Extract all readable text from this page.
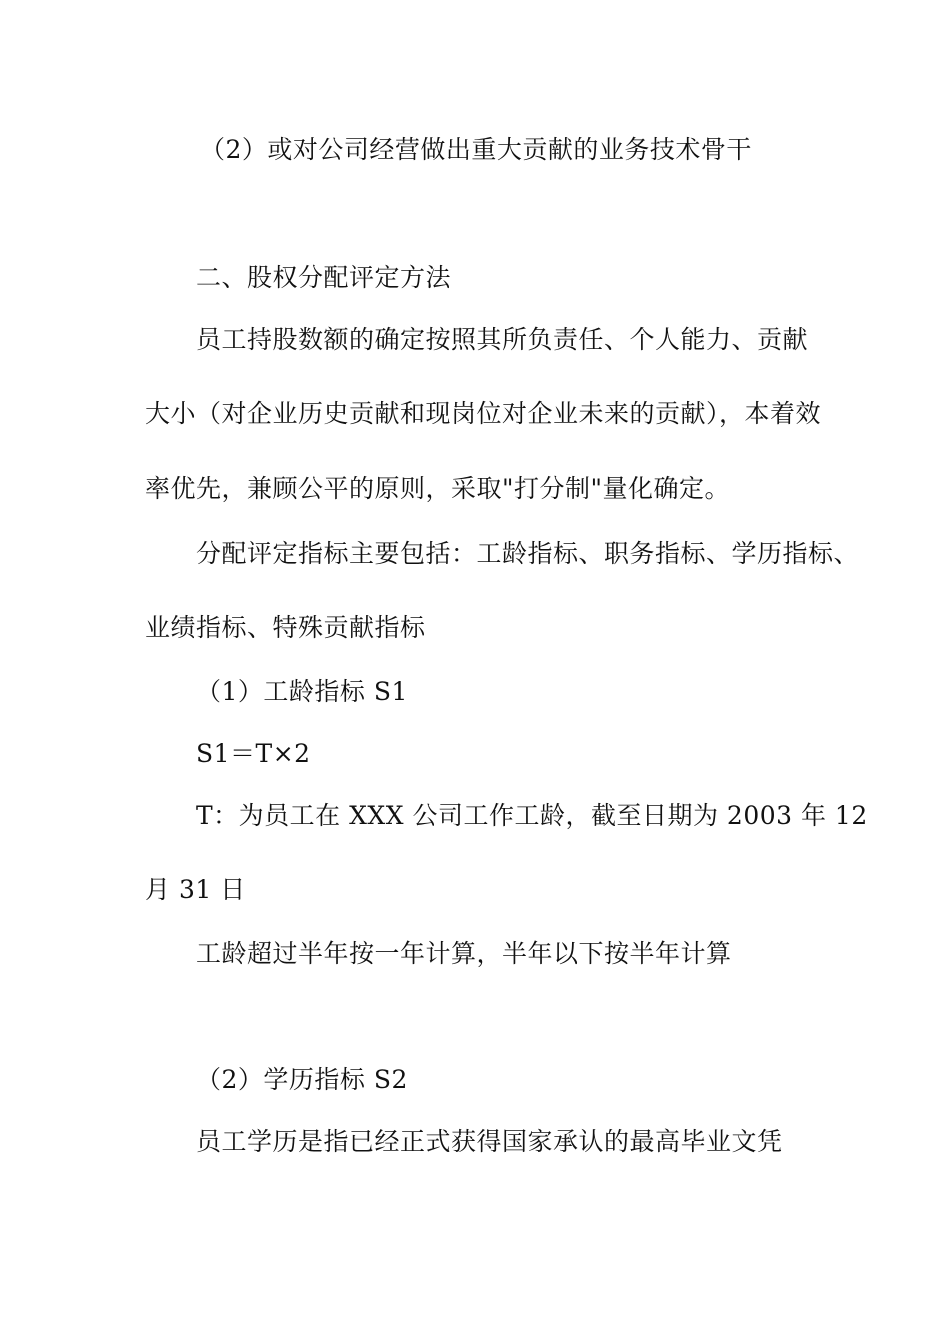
（2）或对公司经营做出重大贡献的业务技术骨干
二、股权分配评定方法
员工持股数额的确定按照其所负责任、个人能力、贡献
大小（对企业历史贡献和现岗位对企业未来的贡献），本着效
率优先，兼顾公平的原则，采取"打分制"量化确定。
分配评定指标主要包括：工龄指标、职务指标、学历指标、
业绩指标、特殊贡献指标
（1）工龄指标 S1
S1＝T×2
T：为员工在 XXX 公司工作工龄，截至日期为 2003 年 12
月 31 日
工龄超过半年按一年计算，半年以下按半年计算
（2）学历指标 S2
员工学历是指已经正式获得国家承认的最高毕业文凭
